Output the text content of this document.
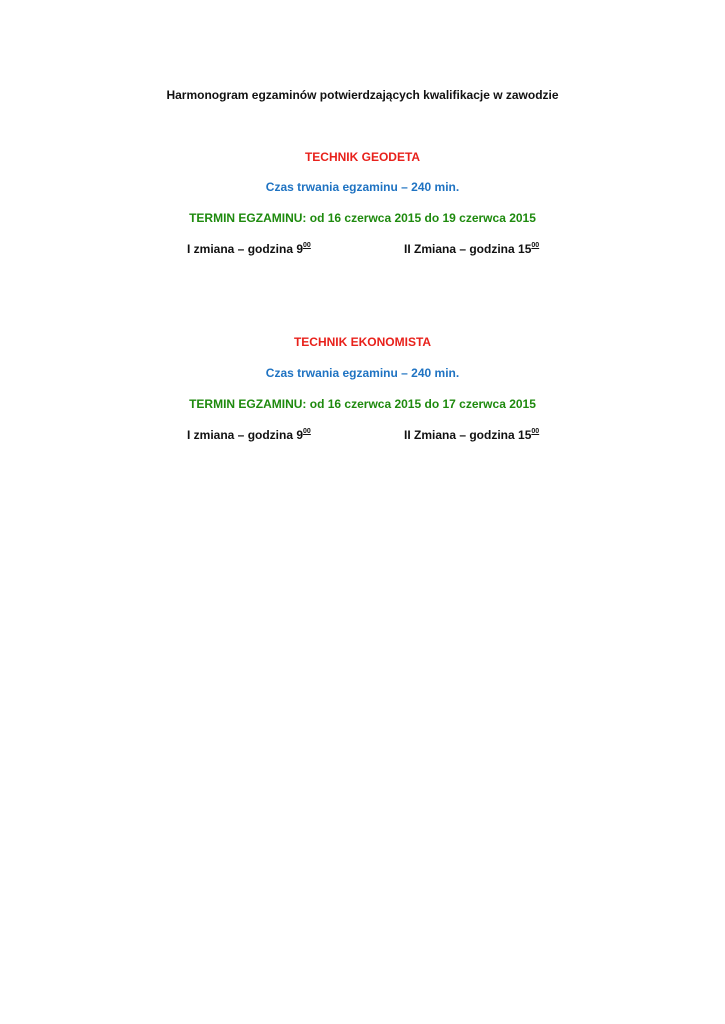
Harmonogram egzaminów potwierdzających kwalifikacje w zawodzie
TECHNIK GEODETA
Czas trwania egzaminu – 240 min.
TERMIN EGZAMINU: od 16 czerwca 2015 do 19 czerwca 2015
I zmiana – godzina $9^{00}$	II Zmiana – godzina $15^{00}$
TECHNIK EKONOMISTA
Czas trwania egzaminu – 240 min.
TERMIN EGZAMINU: od 16 czerwca 2015 do 17 czerwca 2015
I zmiana – godzina $9^{00}$	II Zmiana – godzina $15^{00}$
